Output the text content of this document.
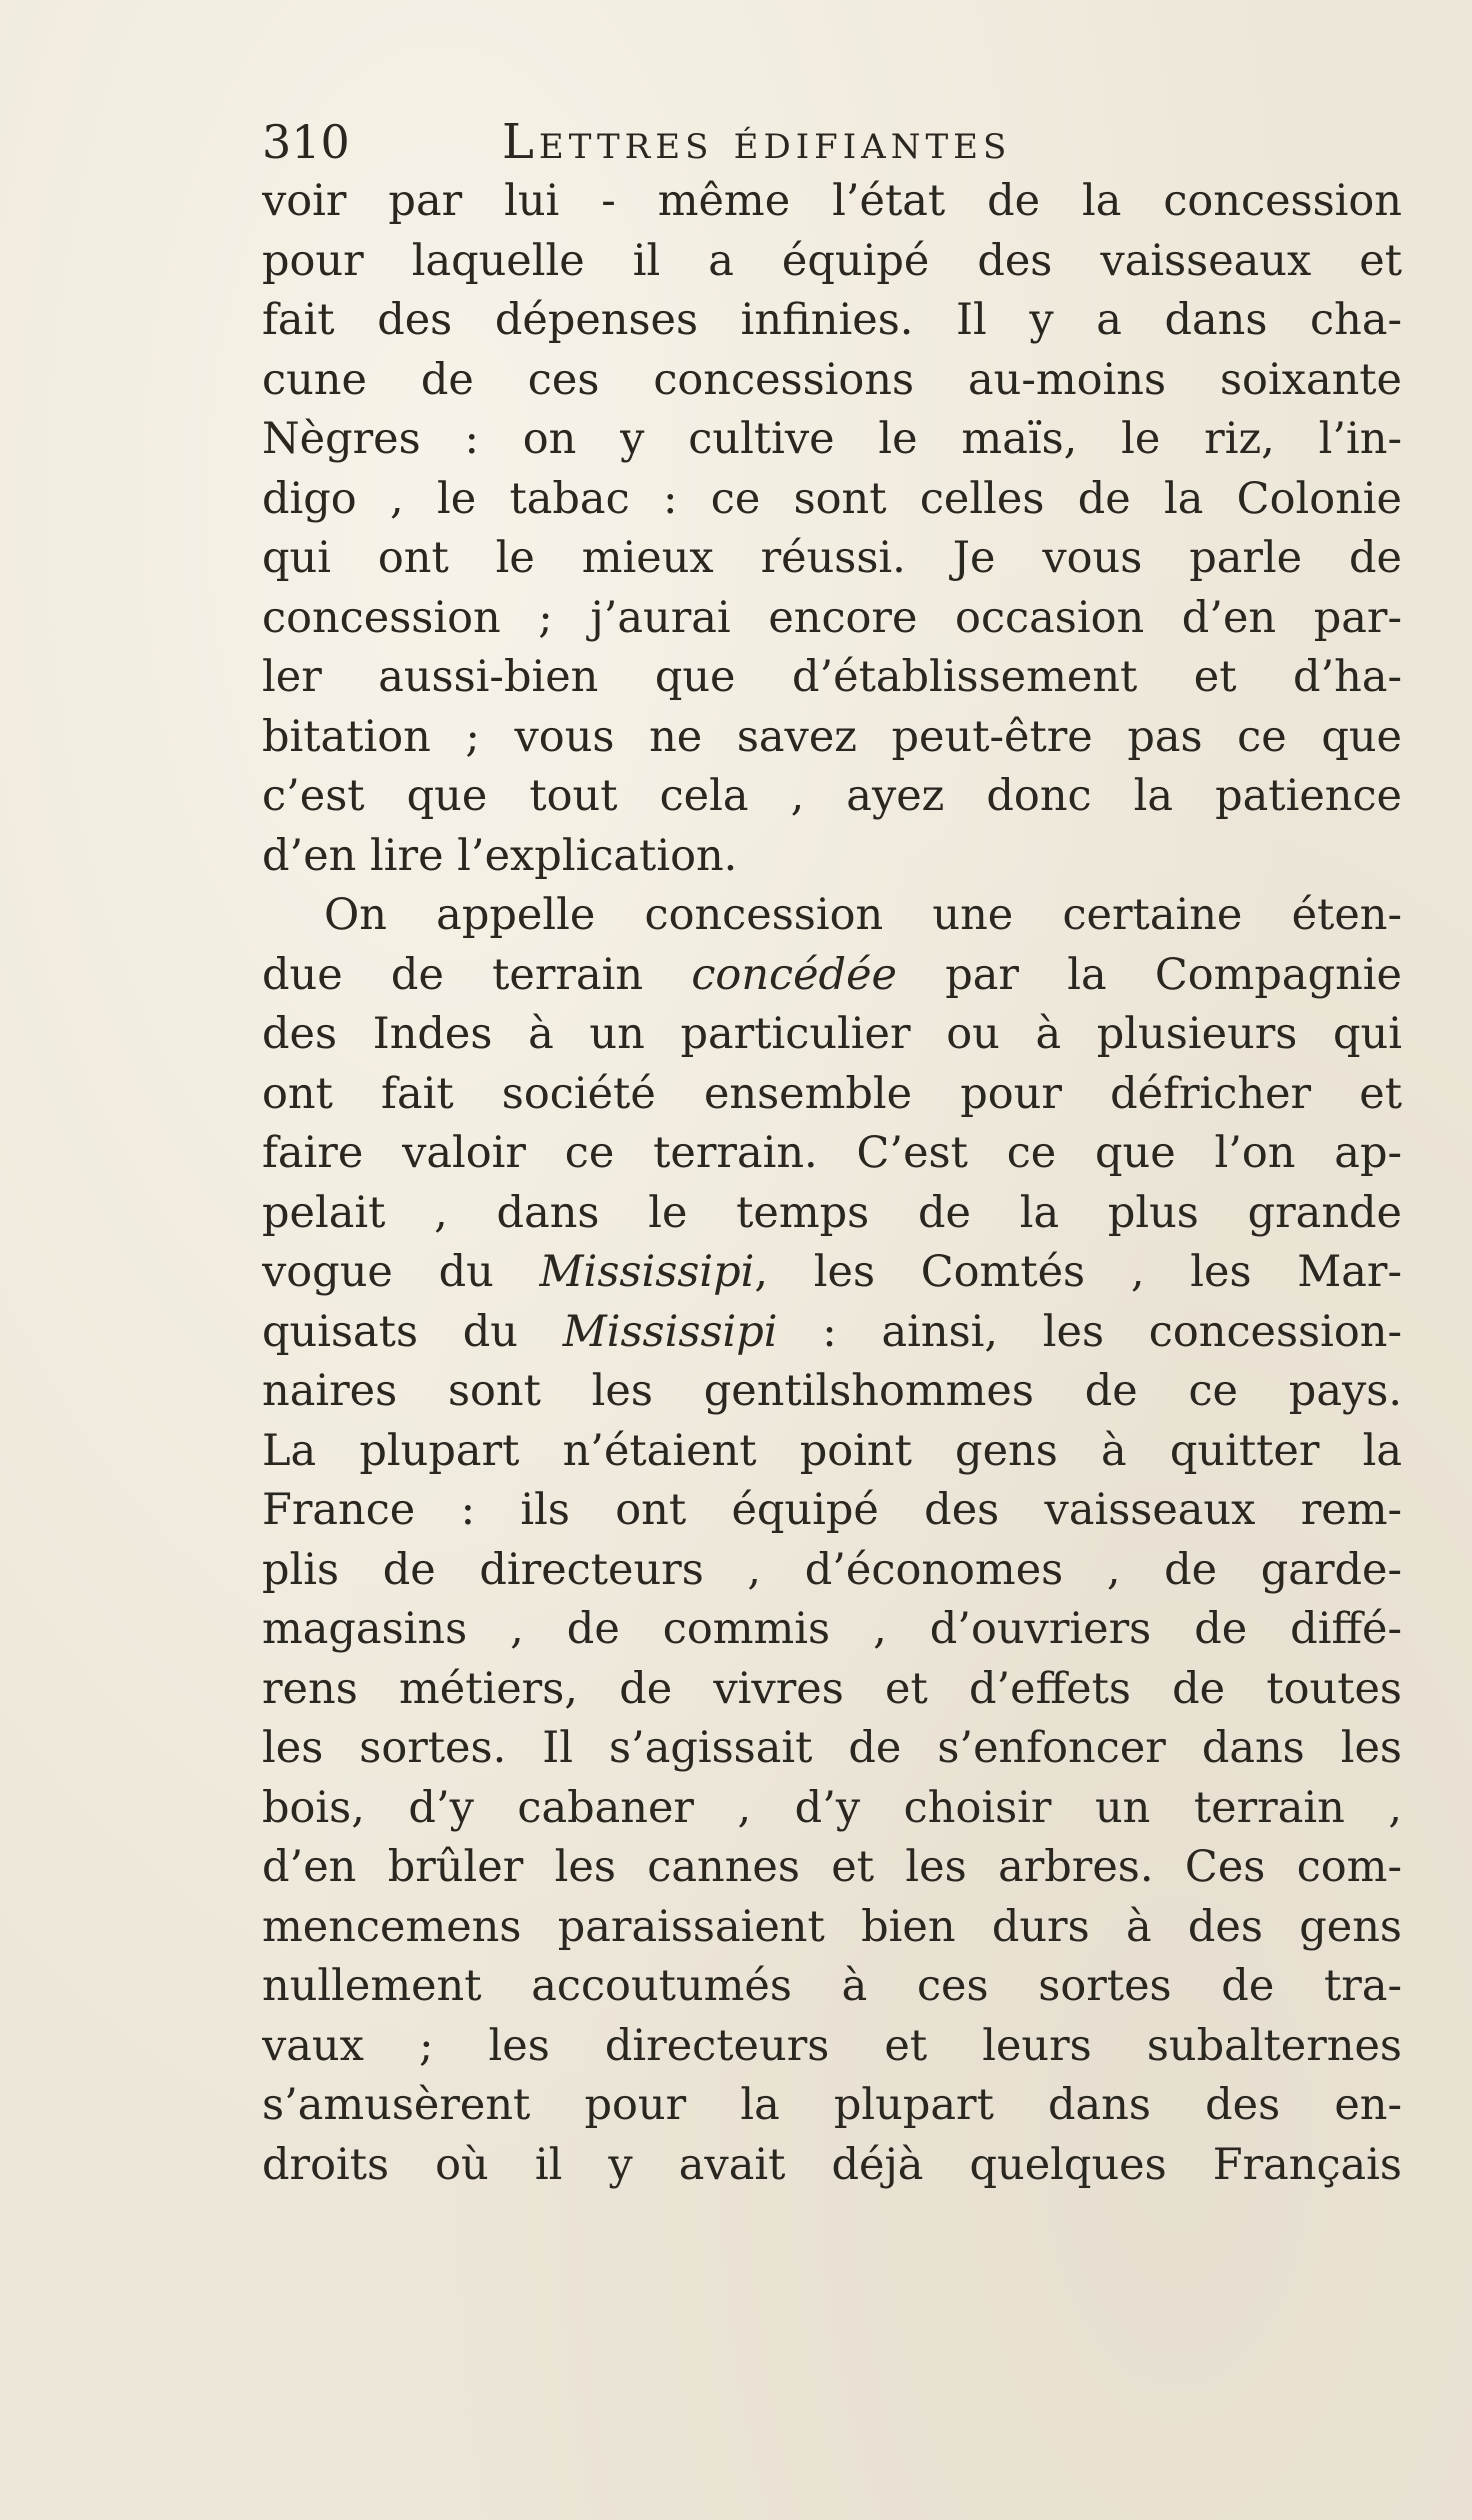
310	Lettres édifiantes
voir par lui - même l’état de la concession
pour laquelle il a équipé des vaisseaux et
fait des dépenses infinies. Il y a dans cha-
cune de ces concessions au-moins soixante
Nègres : on y cultive le maïs, le riz, l’in-
digo , le tabac : ce sont celles de la Colonie
qui ont le mieux réussi. Je vous parle de
concession ; j’aurai encore occasion d’en par-
ler aussi-bien que d’établissement et d’ha-
bitation ; vous ne savez peut-être pas ce que
c’est que tout cela , ayez donc la patience
d’en lire l’explication.
On appelle concession une certaine éten-
due de terrain concédée par la Compagnie
des Indes à un particulier ou à plusieurs qui
ont fait société ensemble pour défricher et
faire valoir ce terrain. C’est ce que l’on ap-
pelait , dans le temps de la plus grande
vogue du Mississipi, les Comtés , les Mar-
quisats du Mississipi : ainsi, les concession-
naires sont les gentilshommes de ce pays.
La plupart n’étaient point gens à quitter la
France : ils ont équipé des vaisseaux rem-
plis de directeurs , d’économes , de garde-
magasins , de commis , d’ouvriers de diffé-
rens métiers, de vivres et d’effets de toutes
les sortes. Il s’agissait de s’enfoncer dans les
bois, d’y cabaner , d’y choisir un terrain ,
d’en brûler les cannes et les arbres. Ces com-
mencemens paraissaient bien durs à des gens
nullement accoutumés à ces sortes de tra-
vaux ; les directeurs et leurs subalternes
s’amusèrent pour la plupart dans des en-
droits où il y avait déjà quelques Français
